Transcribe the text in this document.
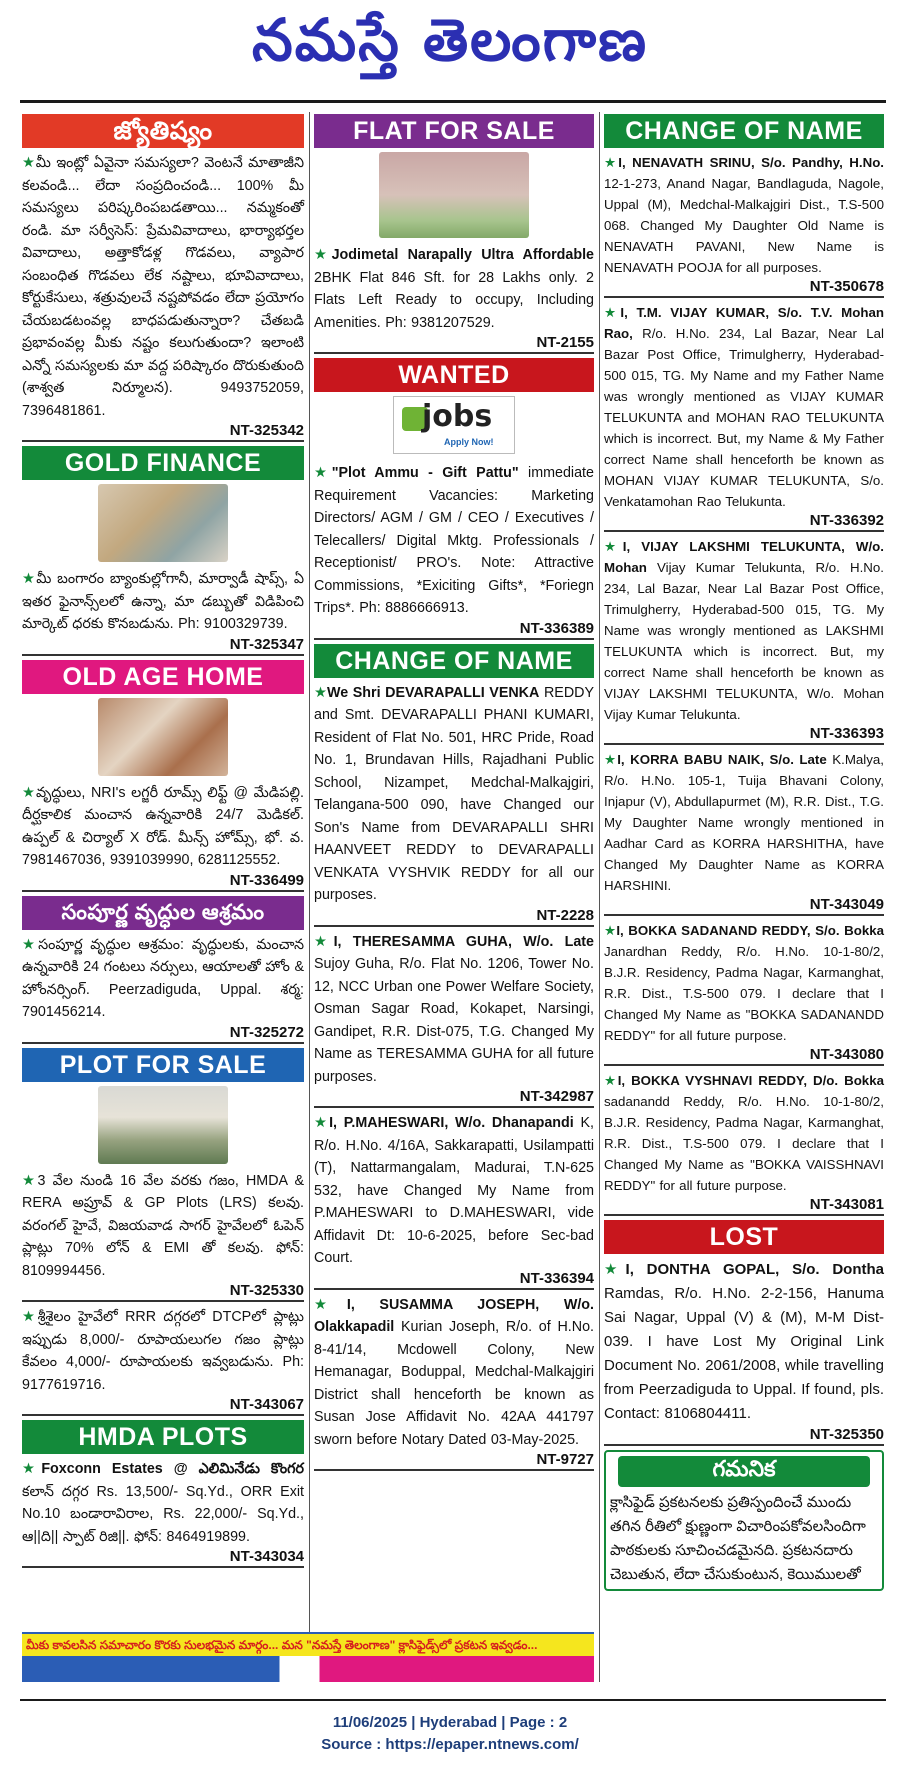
నమస్తే తెలంగాణ
జ్యోతిష్యం
★మీ ఇంట్లో ఏవైనా సమస్యలా? వెంటనే మాతాజీని కలవండి... లేదా సంప్రదించండి... 100% మీ సమస్యలు పరిష్కరింపబడతాయి... నమ్మకంతో రండి. మా సర్వీసెస్: ప్రేమవివాదాలు, భార్యాభర్తల వివాదాలు, అత్తాకోడళ్ల గొడవలు, వ్యాపార సంబంధిత గొడవలు లేక నష్టాలు, భూవివాదాలు, కోర్టుకేసులు, శత్రువులచే నష్టపోవడం లేదా ప్రయోగం చేయబడటంవల్ల బాధపడుతున్నారా? చేతబడి ప్రభావంవల్ల మీకు నష్టం కలుగుతుందా? ఇలాంటి ఎన్నో సమస్యలకు మా వద్ద పరిష్కారం దొరుకుతుంది (శాశ్వత నిర్మూలన). 9493752059, 7396481861.
NT-325342
GOLD FINANCE
★మీ బంగారం బ్యాంకుల్లోగానీ, మార్వాడీ షాప్స్, ఏ ఇతర ఫైనాన్స్‌లలో ఉన్నా, మా డబ్బుతో విడిపించి మార్కెట్ ధరకు కొనబడును. Ph: 9100329739.
NT-325347
OLD AGE HOME
★వృద్ధులు, NRI's లగ్జరీ రూమ్స్ లిఫ్ట్ @ మేడిపల్లి. దీర్ఘకాలిక మంచాన ఉన్నవారికి 24/7 మెడికల్. ఉప్పల్ & చిర్యాల్ X రోడ్. మీన్స్ హోమ్స్, భో. వ. 7981467036, 9391039990, 6281125552.
NT-336499
సంపూర్ణ వృద్ధుల ఆశ్రమం
★సంపూర్ణ వృద్ధుల ఆశ్రమం: వృద్ధులకు, మంచాన ఉన్నవారికి 24 గంటలు నర్సులు, ఆయాలతో హోం & హోంనర్సింగ్. Peerzadiguda, Uppal. శర్మ: 7901456214.
NT-325272
PLOT FOR SALE
★3 వేల నుండి 16 వేల వరకు గజం, HMDA & RERA అప్రూవ్ & GP Plots (LRS) కలవు. వరంగల్ హైవే, విజయవాడ సాగర్ హైవేలలో ఓపెన్ ప్లాట్లు 70% లోన్ & EMI తో కలవు. ఫోన్: 8109994456.
NT-325330
★శ్రీశైలం హైవేలో RRR దగ్గరలో DTCPలో ప్లాట్లు ఇప్పుడు 8,000/- రూపాయలుగల గజం ప్లాట్లు కేవలం 4,000/- రూపాయలకు ఇవ్వబడును. Ph: 9177619716.
NT-343067
HMDA PLOTS
★Foxconn Estates @ ఎలిమినేడు కొంగర కలాన్ దగ్గర Rs. 13,500/- Sq.Yd., ORR Exit No.10 బండారావిరాల, Rs. 22,000/- Sq.Yd., ఆ||ది|| స్పాట్ రిజి||. ఫోన్: 8464919899.
NT-343034
FLAT FOR SALE
★Jodimetal Narapally Ultra Affordable 2BHK Flat 846 Sft. for 28 Lakhs only. 2 Flats Left Ready to occupy, Including Amenities. Ph: 9381207529.
NT-2155
WANTED
jobs
Apply Now!
★"Plot Ammu - Gift Pattu" immediate Requirement Vacancies: Marketing Directors/ AGM / GM / CEO / Executives / Telecallers/ Digital Mktg. Professionals / Receptionist/ PRO's. Note: Attractive Commissions, *Exiciting Gifts*, *Foriegn Trips*. Ph: 8886666913.
NT-336389
CHANGE OF NAME
★We Shri DEVARAPALLI VENKA REDDY and Smt. DEVARAPALLI PHANI KUMARI, Resident of Flat No. 501, HRC Pride, Road No. 1, Brundavan Hills, Rajadhani Public School, Nizampet, Medchal-Malkajgiri, Telangana-500 090, have Changed our Son's Name from DEVARAPALLI SHRI HAANVEET REDDY to DEVARAPALLI VENKATA VYSHVIK REDDY for all our purposes.
NT-2228
★I, THERESAMMA GUHA, W/o. Late Sujoy Guha, R/o. Flat No. 1206, Tower No. 12, NCC Urban one Power Welfare Society, Osman Sagar Road, Kokapet, Narsingi, Gandipet, R.R. Dist-075, T.G. Changed My Name as TERESAMMA GUHA for all future purposes.
NT-342987
★I, P.MAHESWARI, W/o. Dhanapandi K, R/o. H.No. 4/16A, Sakkarapatti, Usilampatti (T), Nattarmangalam, Madurai, T.N-625 532, have Changed My Name from P.MAHESWARI to D.MAHESWARI, vide Affidavit Dt: 10-6-2025, before Sec-bad Court.
NT-336394
★I, SUSAMMA JOSEPH, W/o. Olakkapadil Kurian Joseph, R/o. of H.No. 8-41/14, Mcdowell Colony, New Hemanagar, Boduppal, Medchal-Malkajgiri District shall henceforth be known as Susan Jose Affidavit No. 42AA 441797 sworn before Notary Dated 03-May-2025.
NT-9727
CHANGE OF NAME
★I, NENAVATH SRINU, S/o. Pandhy, H.No. 12-1-273, Anand Nagar, Bandlaguda, Nagole, Uppal (M), Medchal-Malkajgiri Dist., T.S-500 068. Changed My Daughter Old Name is NENAVATH PAVANI, New Name is NENAVATH POOJA for all purposes.
NT-350678
★I, T.M. VIJAY KUMAR, S/o. T.V. Mohan Rao, R/o. H.No. 234, Lal Bazar, Near Lal Bazar Post Office, Trimulgherry, Hyderabad-500 015, TG. My Name and my Father Name was wrongly mentioned as VIJAY KUMAR TELUKUNTA and MOHAN RAO TELUKUNTA which is incorrect. But, my Name & My Father correct Name shall henceforth be known as MOHAN VIJAY KUMAR TELUKUNTA, S/o. Venkatamohan Rao Telukunta.
NT-336392
★I, VIJAY LAKSHMI TELUKUNTA, W/o. Mohan Vijay Kumar Telukunta, R/o. H.No. 234, Lal Bazar, Near Lal Bazar Post Office, Trimulgherry, Hyderabad-500 015, TG. My Name was wrongly mentioned as LAKSHMI TELUKUNTA which is incorrect. But, my correct Name shall henceforth be known as VIJAY LAKSHMI TELUKUNTA, W/o. Mohan Vijay Kumar Telukunta.
NT-336393
★I, KORRA BABU NAIK, S/o. Late K.Malya, R/o. H.No. 105-1, Tuija Bhavani Colony, Injapur (V), Abdullapurmet (M), R.R. Dist., T.G. My Daughter Name wrongly mentioned in Aadhar Card as KORRA HARSHITHA, have Changed My Daughter Name as KORRA HARSHINI.
NT-343049
★I, BOKKA SADANAND REDDY, S/o. Bokka Janardhan Reddy, R/o. H.No. 10-1-80/2, B.J.R. Residency, Padma Nagar, Karmanghat, R.R. Dist., T.S-500 079. I declare that I Changed My Name as "BOKKA SADANANDD REDDY" for all future purpose.
NT-343080
★I, BOKKA VYSHNAVI REDDY, D/o. Bokka sadanandd Reddy, R/o. H.No. 10-1-80/2, B.J.R. Residency, Padma Nagar, Karmanghat, R.R. Dist., T.S-500 079. I declare that I Changed My Name as "BOKKA VAISSHNAVI REDDY" for all future purpose.
NT-343081
LOST
★I, DONTHA GOPAL, S/o. Dontha Ramdas, R/o. H.No. 2-2-156, Hanuma Sai Nagar, Uppal (V) & (M), M-M Dist-039. I have Lost My Original Link Document No. 2061/2008, while travelling from Peerzadiguda to Uppal. If found, pls. Contact: 8106804411.
NT-325350
గమనిక
క్లాసిఫైడ్ ప్రకటనలకు ప్రతిస్పందించే ముందు తగిన రీతిలో క్షుణ్ణంగా విచారింపకోవలసిందిగా పాఠకులకు సూచించడమైనది. ప్రకటనదారు చెబుతున, లేదా చేసుకుంటున, కెయిములతో
మీకు కావలసిన సమాచారం కొరకు సులభమైన మార్గం... మన "నమస్తే తెలంగాణ" క్లాసిఫైడ్స్‌లో ప్రకటన ఇవ్వడం...
11/06/2025 | Hyderabad | Page : 2
Source : https://epaper.ntnews.com/
